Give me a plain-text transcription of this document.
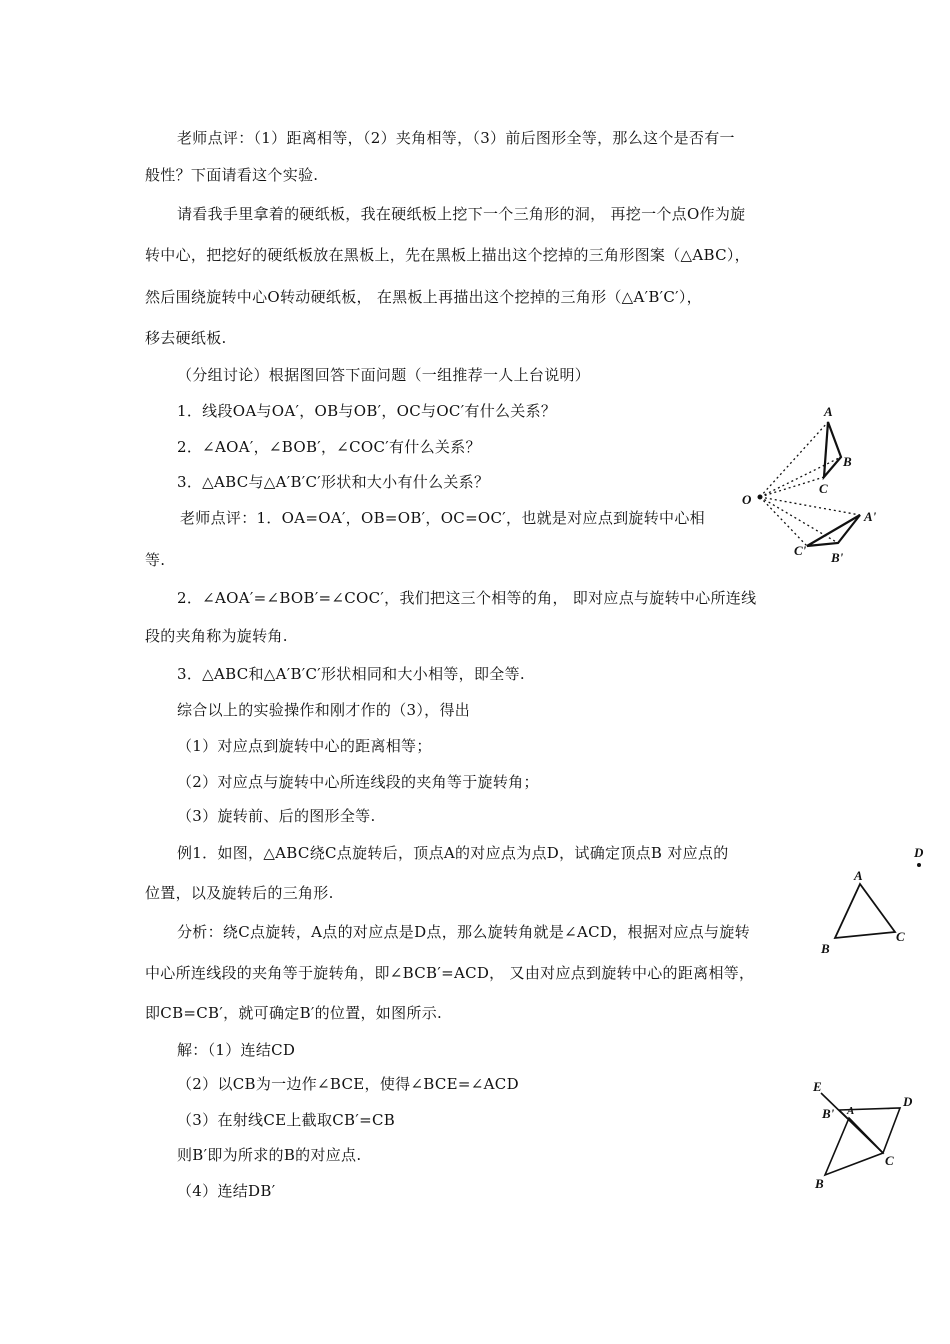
老师点评：（1）距离相等，（2）夹角相等，（3）前后图形全等，那么这个是否有一
般性？下面请看这个实验.
请看我手里拿着的硬纸板，我在硬纸板上挖下一个三角形的洞， 再挖一个点O作为旋
转中心，把挖好的硬纸板放在黑板上，先在黑板上描出这个挖掉的三角形图案（△ABC），
然后围绕旋转中心O转动硬纸板， 在黑板上再描出这个挖掉的三角形（△A′B′C′），
移去硬纸板.
（分组讨论）根据图回答下面问题（一组推荐一人上台说明）
1．线段OA与OA′，OB与OB′，OC与OC′有什么关系？
2．∠AOA′，∠BOB′，∠COC′有什么关系？
3．△ABC与△A′B′C′形状和大小有什么关系？
老师点评：1．OA=OA′，OB=OB′，OC=OC′，也就是对应点到旋转中心相
等.
2．∠AOA′=∠BOB′=∠COC′，我们把这三个相等的角， 即对应点与旋转中心所连线
段的夹角称为旋转角.
3．△ABC和△A′B′C′形状相同和大小相等，即全等.
综合以上的实验操作和刚才作的（3），得出
（1）对应点到旋转中心的距离相等；
（2）对应点与旋转中心所连线段的夹角等于旋转角；
（3）旋转前、后的图形全等.
例1．如图，△ABC绕C点旋转后，顶点A的对应点为点D，试确定顶点B 对应点的
位置，以及旋转后的三角形.
分析：绕C点旋转，A点的对应点是D点，那么旋转角就是∠ACD，根据对应点与旋转
中心所连线段的夹角等于旋转角，即∠BCB′=ACD， 又由对应点到旋转中心的距离相等，
即CB=CB′，就可确定B′的位置，如图所示.
解：（1）连结CD
（2）以CB为一边作∠BCE，使得∠BCE=∠ACD
（3）在射线CE上截取CB′=CB
则B′即为所求的B的对应点.
（4）连结DB′
A
B
C
O
A'
C' B'
D
A
B
C
E
D
B' A
C
B
